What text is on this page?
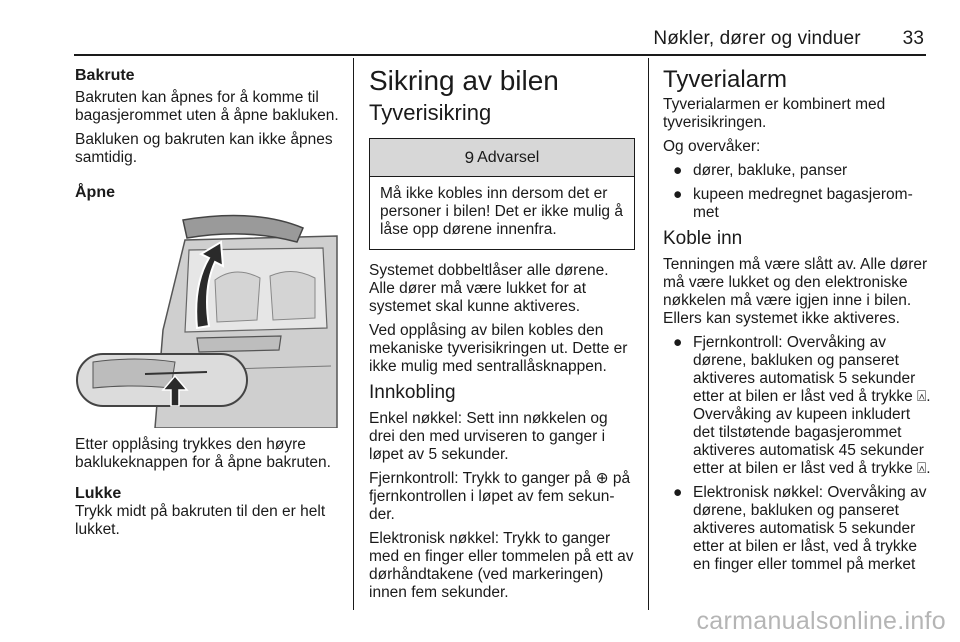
Nøkler, dører og vinduer 33
Bakrute

Bakruten kan åpnes for å komme til bagasjerommet uten å åpne bakluken.

Bakluken og bakruten kan ikke åpnes samtidig.

Åpne

Etter opplåsing trykkes den høyre baklukeknappen for å åpne bakruten.

Lukke

Trykk midt på bakruten til den er helt lukket.

Sikring av bilen
Tyverisikring
9 Advarsel
Må ikke kobles inn dersom det er personer i bilen! Det er ikke mulig å låse opp dørene innenfra.

Systemet dobbeltlåser alle dørene. Alle dører må være lukket for at systemet skal kunne aktiveres.

Ved opplåsing av bilen kobles den mekaniske tyverisikringen ut. Dette er ikke mulig med sentrallåsknappen.

Innkobling

Enkel nøkkel: Sett inn nøkkelen og drei den med urviseren to ganger i løpet av 5 sekunder.

Fjernkontroll: Trykk to ganger på ⊕ på fjernkontrollen i løpet av fem sekunder.

Elektronisk nøkkel: Trykk to ganger med en finger eller tommelen på ett av dørhåndtakene (ved markeringen) innen fem sekunder.

Tyverialarm

Tyverialarmen er kombinert med tyverisikringen.

Og overvåker:

● dører, bakluke, panser
● kupeen medregnet bagasjerommet
Koble inn

Tenningen må være slått av. Alle dører må være lukket og den elektroniske nøkkelen må være igjen inne i bilen. Ellers kan systemet ikke aktiveres.

● Fjernkontroll: Overvåking av dørene, bakluken og panseret aktiveres automatisk 5 sekunder etter at bilen er låst ved å trykke ⍓. Overvåking av kupeen inkludert det tilstøtende bagasjerommet aktiveres automatisk 45 sekunder etter at bilen er låst ved å trykke ⍓.
● Elektronisk nøkkel: Overvåking av dørene, bakluken og panseret aktiveres automatisk 5 sekunder etter at bilen er låst, ved å trykke en finger eller tommel på merket
carmanualsonline.info
